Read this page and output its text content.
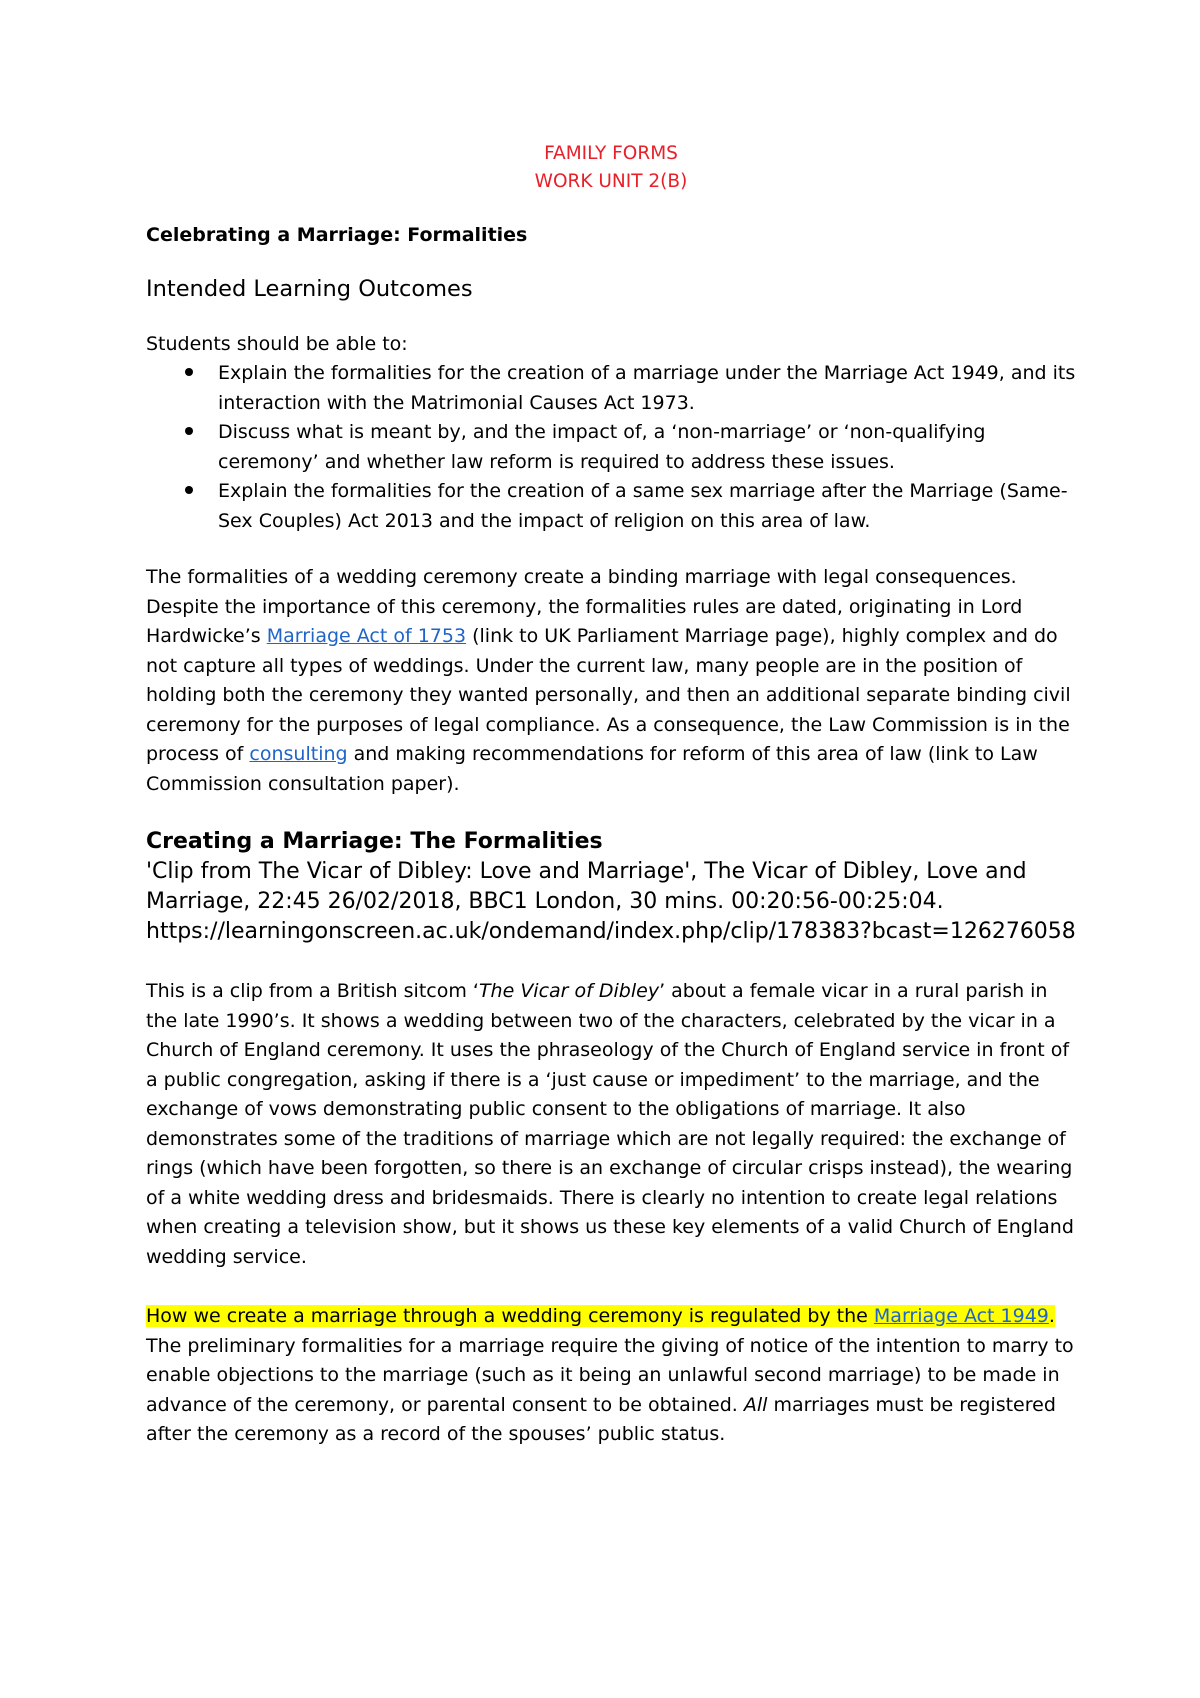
FAMILY FORMS
WORK UNIT 2(B)
Celebrating a Marriage: Formalities
Intended Learning Outcomes
Students should be able to:
Explain the formalities for the creation of a marriage under the Marriage Act 1949, and its interaction with the Matrimonial Causes Act 1973.
Discuss what is meant by, and the impact of, a ‘non-marriage’ or ‘non-qualifying ceremony’ and whether law reform is required to address these issues.
Explain the formalities for the creation of a same sex marriage after the Marriage (Same-Sex Couples) Act 2013 and the impact of religion on this area of law.

The formalities of a wedding ceremony create a binding marriage with legal consequences. Despite the importance of this ceremony, the formalities rules are dated, originating in Lord Hardwicke’s Marriage Act of 1753 (link to UK Parliament Marriage page), highly complex and do not capture all types of weddings. Under the current law, many people are in the position of holding both the ceremony they wanted personally, and then an additional separate binding civil ceremony for the purposes of legal compliance. As a consequence, the Law Commission is in the process of consulting and making recommendations for reform of this area of law (link to Law Commission consultation paper).

Creating a Marriage: The Formalities
'Clip from The Vicar of Dibley: Love and Marriage', The Vicar of Dibley, Love and Marriage, 22:45 26/02/2018, BBC1 London, 30 mins. 00:20:56-00:25:04.
https://learningonscreen.ac.uk/ondemand/index.php/clip/178383?bcast=126276058

This is a clip from a British sitcom ‘The Vicar of Dibley’ about a female vicar in a rural parish in the late 1990’s. It shows a wedding between two of the characters, celebrated by the vicar in a Church of England ceremony. It uses the phraseology of the Church of England service in front of a public congregation, asking if there is a ‘just cause or impediment’ to the marriage, and the exchange of vows demonstrating public consent to the obligations of marriage. It also demonstrates some of the traditions of marriage which are not legally required: the exchange of rings (which have been forgotten, so there is an exchange of circular crisps instead), the wearing of a white wedding dress and bridesmaids. There is clearly no intention to create legal relations when creating a television show, but it shows us these key elements of a valid Church of England wedding service.

How we create a marriage through a wedding ceremony is regulated by the Marriage Act 1949. The preliminary formalities for a marriage require the giving of notice of the intention to marry to enable objections to the marriage (such as it being an unlawful second marriage) to be made in advance of the ceremony, or parental consent to be obtained. All marriages must be registered after the ceremony as a record of the spouses’ public status.
